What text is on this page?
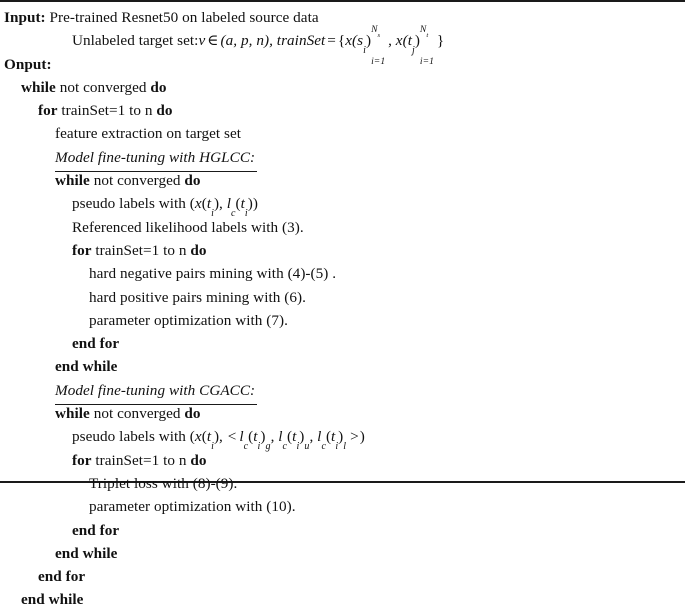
Input: Pre-trained Resnet50 on labeled source data
Unlabeled target set:v ∈ (a, p, n), trainSet = {$x(s_i)$
$N_s$
i=1
, $x(t_j)$
$N_t$
i=1
}
Onput:
while not converged do
for trainSet=1 to n do
feature extraction on target set
Model fine-tuning with HGLCC:
while not converged do
pseudo labels with ($x(t_i)$, $l_c(t_i)$)
Referenced likelihood labels with (3).
for trainSet=1 to n do
hard negative pairs mining with (4)-(5) .
hard positive pairs mining with (6).
parameter optimization with (7).
end for
end while
Model fine-tuning with CGACC:
while not converged do
pseudo labels with ($x(t_i)$, < $l_c(t_i)_g$, $l_c(t_i)_u$, $l_c(t_i)_l>$)
for trainSet=1 to n do
Triplet loss with (8)-(9).
parameter optimization with (10).
end for
end while
end for
end while
